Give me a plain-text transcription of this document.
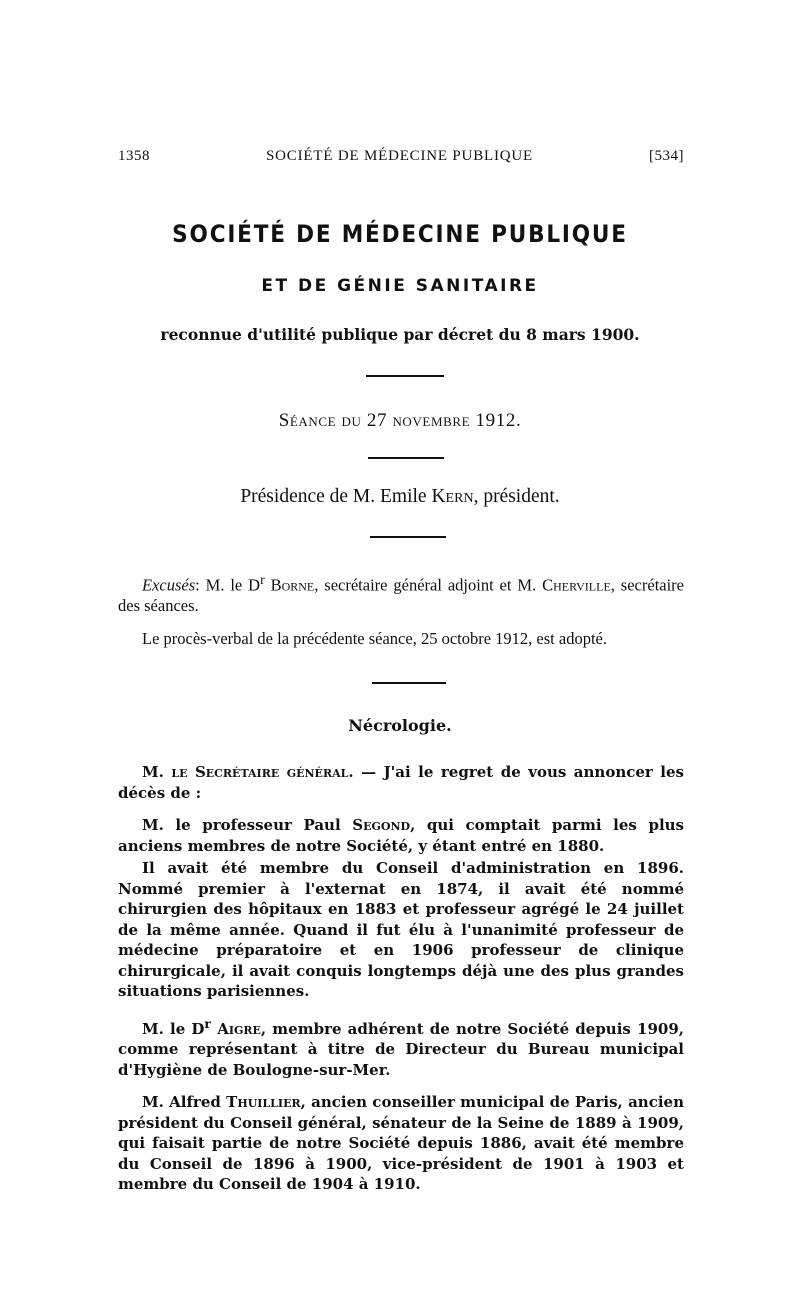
1358	SOCIÉTÉ DE MÉDECINE PUBLIQUE	[534]
SOCIÉTÉ DE MÉDECINE PUBLIQUE
ET DE GÉNIE SANITAIRE
reconnue d'utilité publique par décret du 8 mars 1900.
Séance du 27 novembre 1912.
Présidence de M. Emile Kern, président.

Excusés: M. le $D^r$ Borne, secrétaire général adjoint et M. Cherville, secrétaire des séances.

Le procès-verbal de la précédente séance, 25 octobre 1912, est adopté.

Nécrologie.

M. le Secrétaire général. — J'ai le regret de vous annoncer les décès de :

M. le professeur Paul Segond, qui comptait parmi les plus anciens membres de notre Société, y étant entré en 1880.

Il avait été membre du Conseil d'administration en 1896. Nommé premier à l'externat en 1874, il avait été nommé chirurgien des hôpitaux en 1883 et professeur agrégé le 24 juillet de la même année. Quand il fut élu à l'unanimité professeur de médecine préparatoire et en 1906 professeur de clinique chirurgicale, il avait conquis longtemps déjà une des plus grandes situations parisiennes.

M. le $D^r$ Aigre, membre adhérent de notre Société depuis 1909, comme représentant à titre de Directeur du Bureau municipal d'Hygiène de Boulogne-sur-Mer.

M. Alfred Thuillier, ancien conseiller municipal de Paris, ancien président du Conseil général, sénateur de la Seine de 1889 à 1909, qui faisait partie de notre Société depuis 1886, avait été membre du Conseil de 1896 à 1900, vice-président de 1901 à 1903 et membre du Conseil de 1904 à 1910.
